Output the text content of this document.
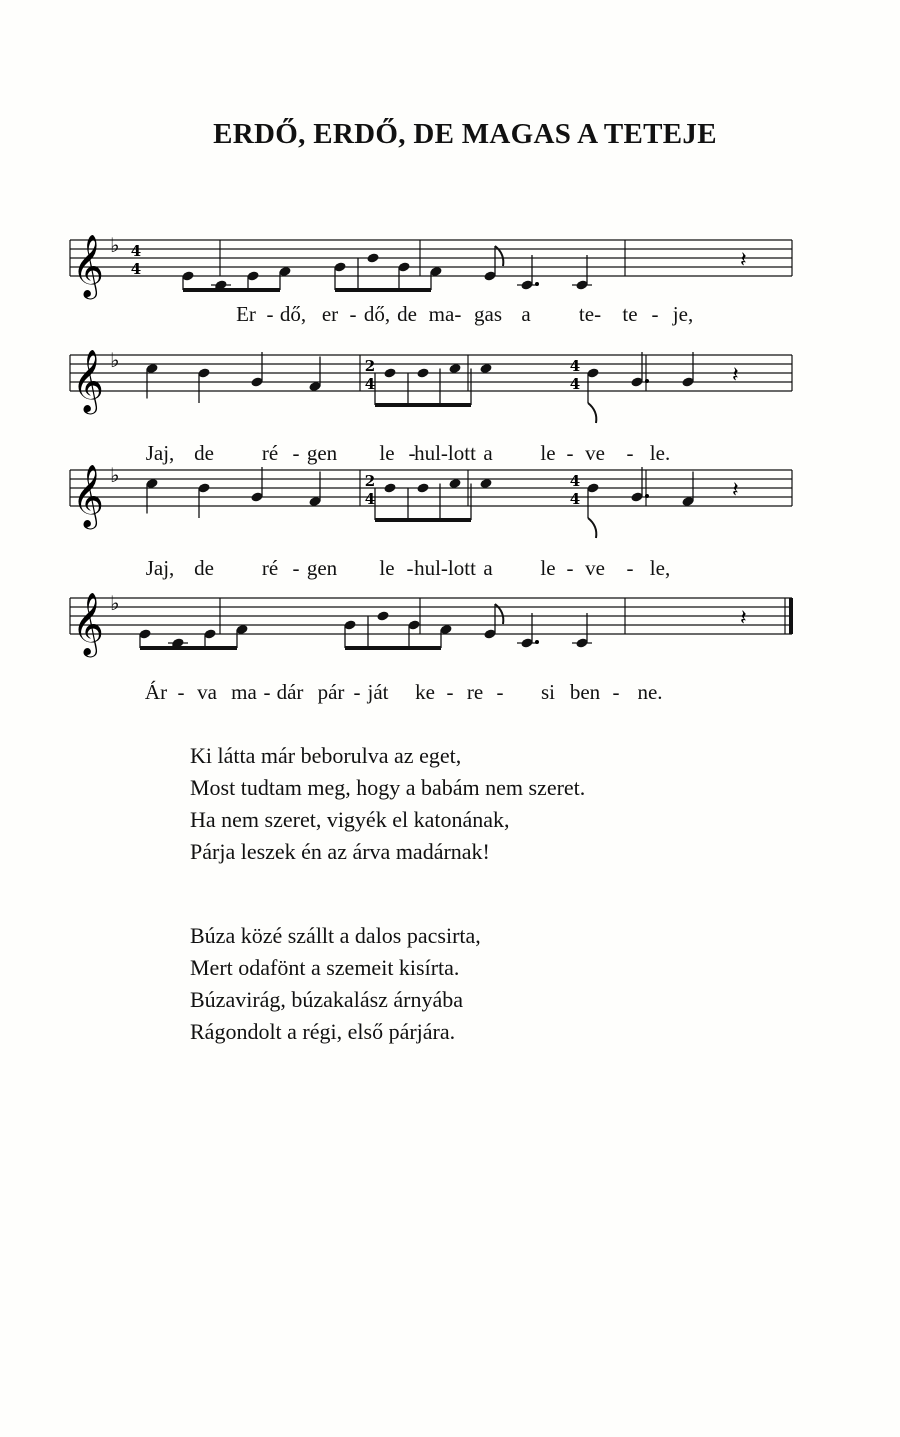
ERDŐ, ERDŐ, DE MAGAS A TETEJE
𝄞 ♭ 4
4	𝄽
Er - dő, er - dő, de ma- gas a te- te - je,
𝄞 ♭	2
4
4
4	𝄽
Jaj, de ré - gen le -
hul-lott a le - ve - le.
𝄞 ♭	2
4
4
4	𝄽
Jaj, de ré - gen le - hul-lott a le - ve - le,
𝄞 ♭
𝄽
Ár - va ma - dár pár - ját ke - re - si ben - ne.
Ki látta már beborulva az eget,
Most tudtam meg, hogy a babám nem szeret.
Ha nem szeret, vigyék el katonának,
Párja leszek én az árva madárnak!
Búza közé szállt a dalos pacsirta,
Mert odafönt a szemeit kisírta.
Búzavirág, búzakalász árnyába
Rágondolt a régi, első párjára.
